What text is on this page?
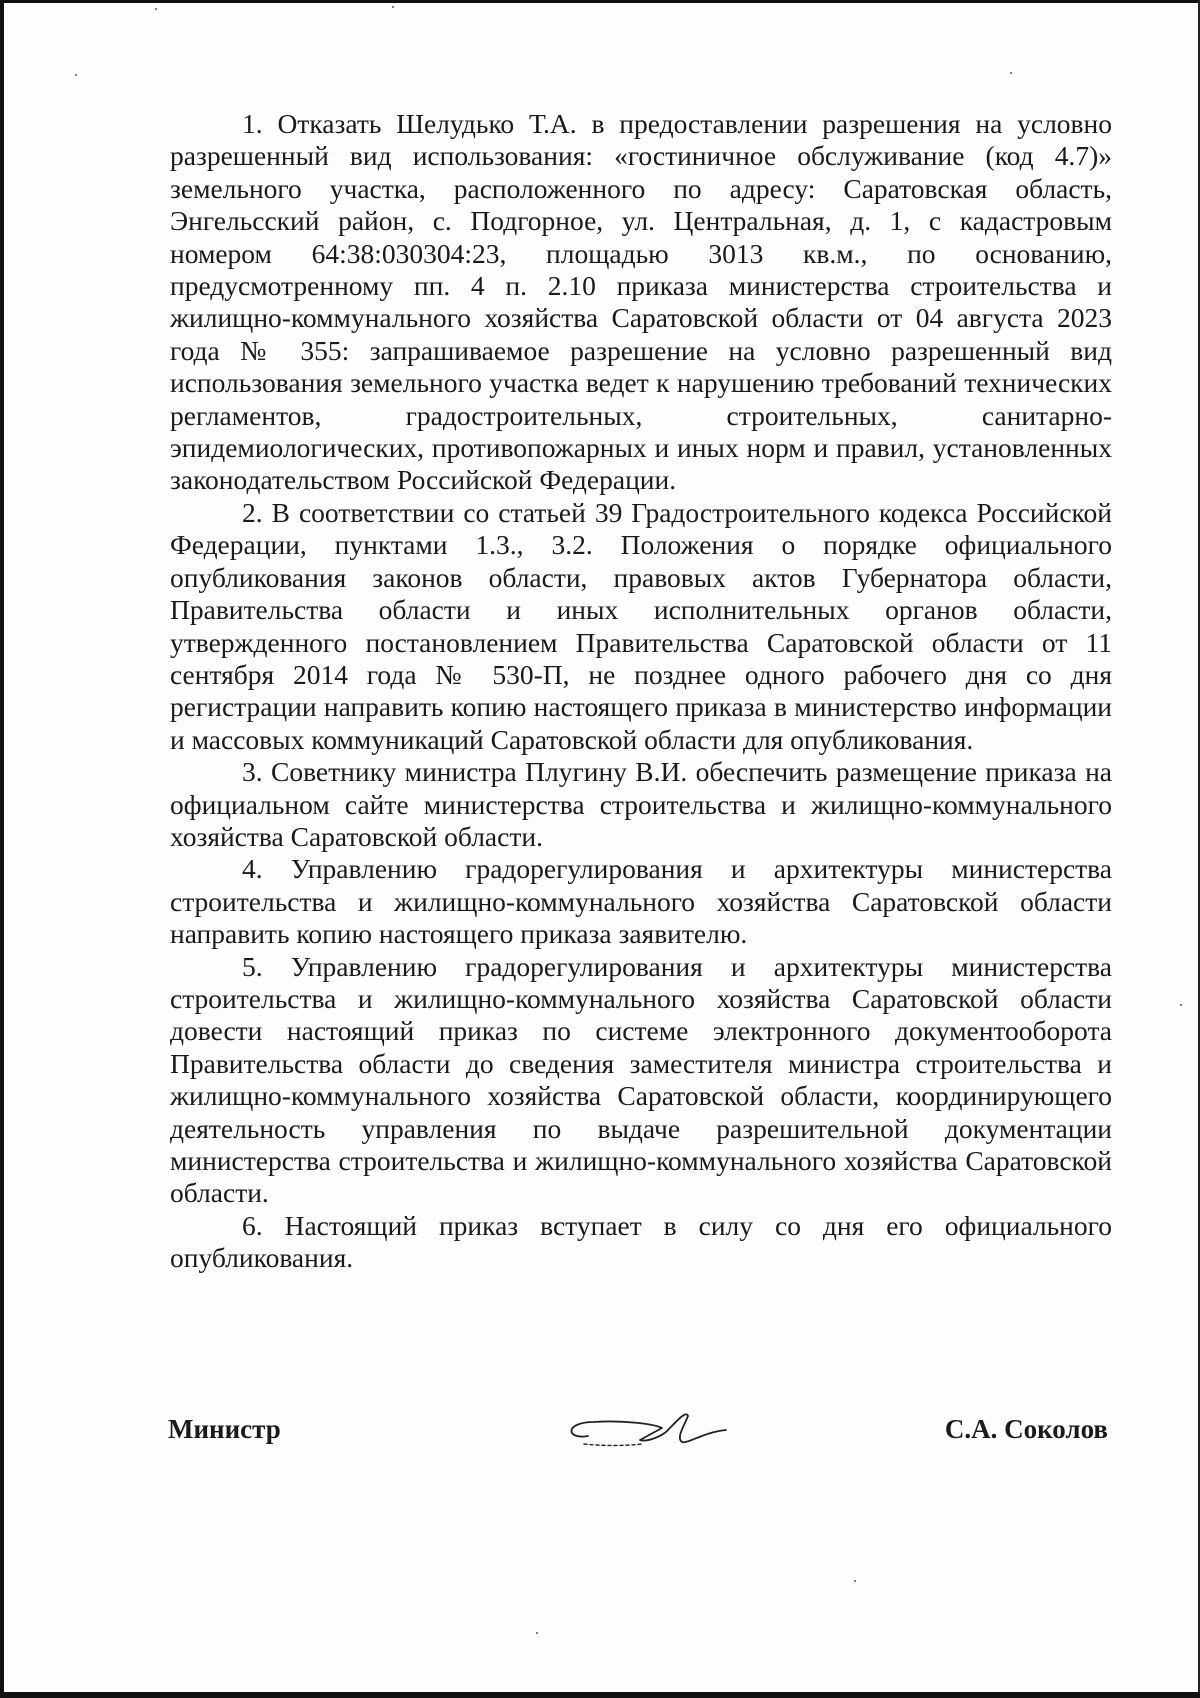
1. Отказать Шелудько Т.А. в предоставлении разрешения на условно разрешенный вид использования: «гостиничное обслуживание (код 4.7)» земельного участка, расположенного по адресу: Саратовская область, Энгельсский район, с. Подгорное, ул. Центральная, д. 1, с кадастровым номером 64:38:030304:23, площадью 3013 кв.м., по основанию, предусмотренному пп. 4 п. 2.10 приказа министерства строительства и жилищно-коммунального хозяйства Саратовской области от 04 августа 2023 года № 355: запрашиваемое разрешение на условно разрешенный вид использования земельного участка ведет к нарушению требований технических регламентов, градостроительных, строительных, санитарно-эпидемиологических, противопожарных и иных норм и правил, установленных законодательством Российской Федерации.

2. В соответствии со статьей 39 Градостроительного кодекса Российской Федерации, пунктами 1.3., 3.2. Положения о порядке официального опубликования законов области, правовых актов Губернатора области, Правительства области и иных исполнительных органов области, утвержденного постановлением Правительства Саратовской области от 11 сентября 2014 года № 530-П, не позднее одного рабочего дня со дня регистрации направить копию настоящего приказа в министерство информации и массовых коммуникаций Саратовской области для опубликования.

3. Советнику министра Плугину В.И. обеспечить размещение приказа на официальном сайте министерства строительства и жилищно-коммунального хозяйства Саратовской области.

4. Управлению градорегулирования и архитектуры министерства строительства и жилищно-коммунального хозяйства Саратовской области направить копию настоящего приказа заявителю.

5. Управлению градорегулирования и архитектуры министерства строительства и жилищно-коммунального хозяйства Саратовской области довести настоящий приказ по системе электронного документооборота Правительства области до сведения заместителя министра строительства и жилищно-коммунального хозяйства Саратовской области, координирующего деятельность управления по выдаче разрешительной документации министерства строительства и жилищно-коммунального хозяйства Саратовской области.

6. Настоящий приказ вступает в силу со дня его официального опубликования.

Министр	С.А. Соколов
